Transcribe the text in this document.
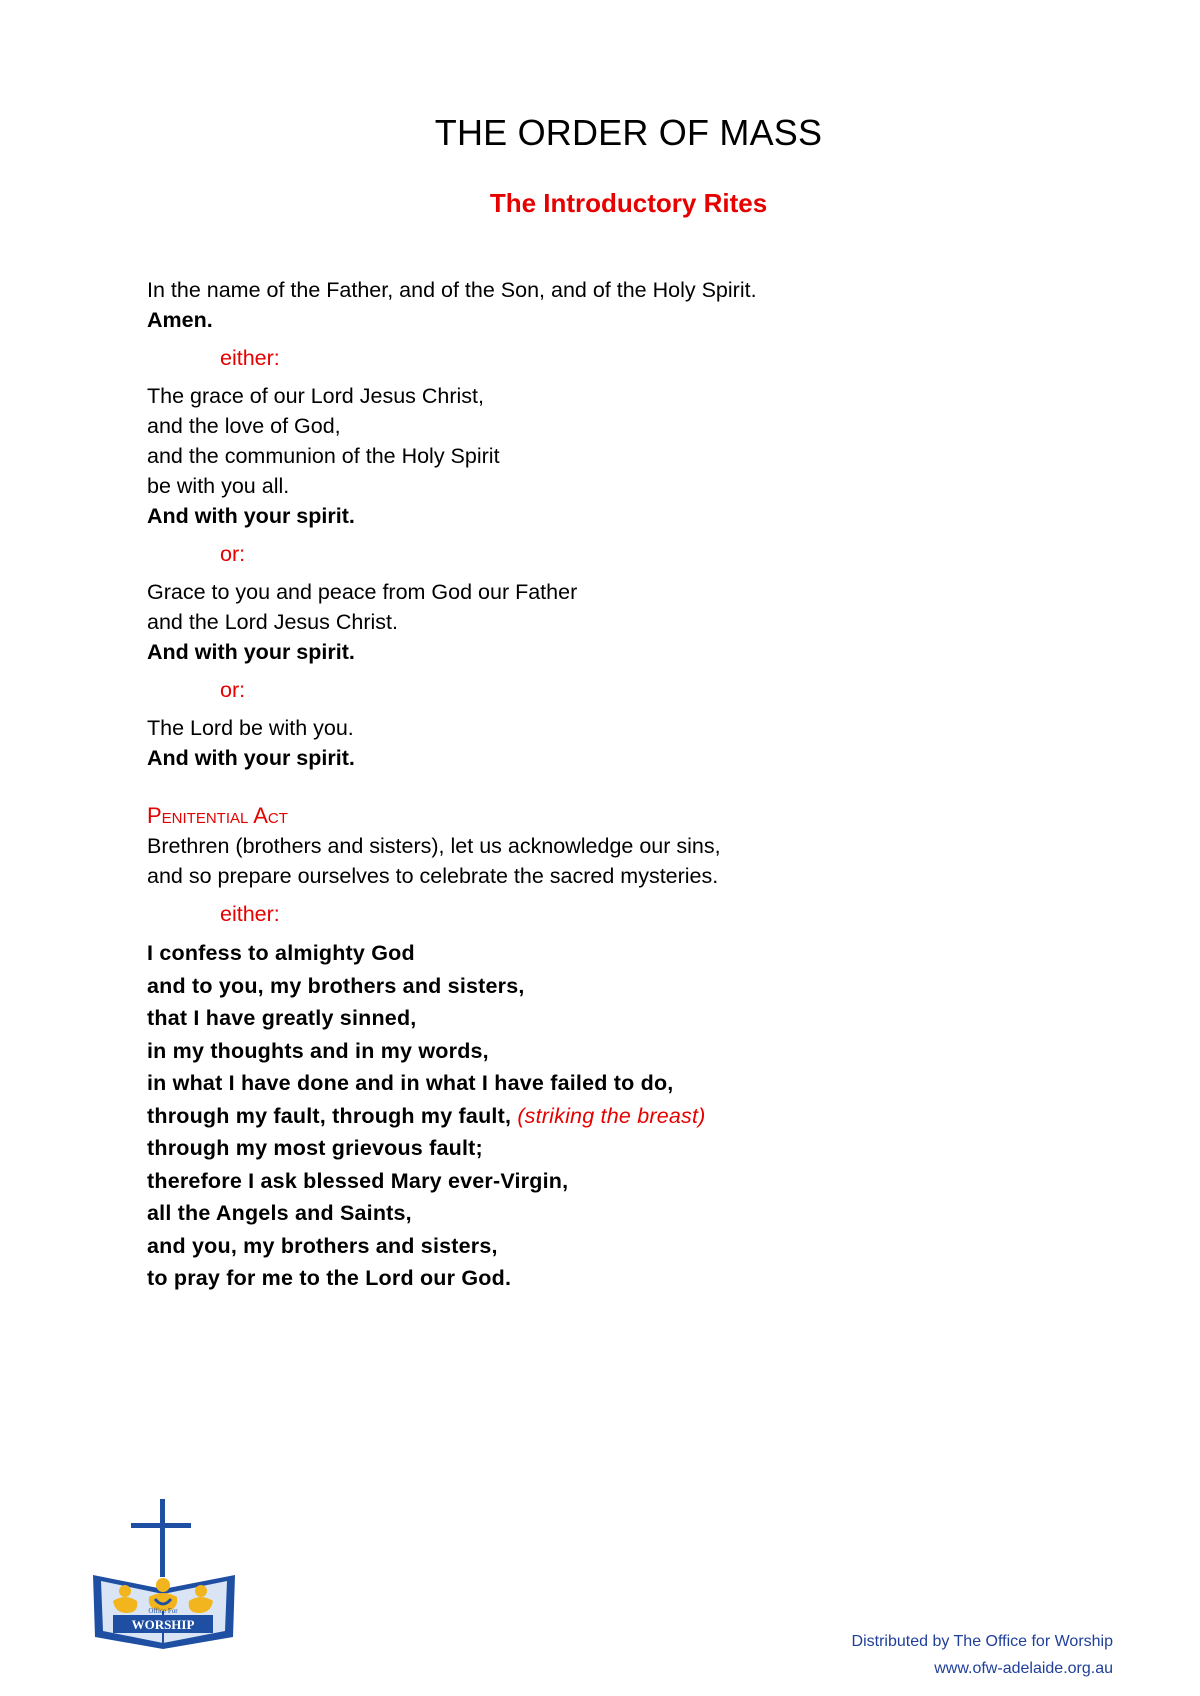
THE ORDER OF MASS
The Introductory Rites
In the name of the Father, and of the Son, and of the Holy Spirit.
Amen.
either:
The grace of our Lord Jesus Christ,
and the love of God,
and the communion of the Holy Spirit
be with you all.
And with your spirit.
or:
Grace to you and peace from God our Father
and the Lord Jesus Christ.
And with your spirit.
or:
The Lord be with you.
And with your spirit.
Penitential Act
Brethren (brothers and sisters), let us acknowledge our sins,
and so prepare ourselves to celebrate the sacred mysteries.
either:
I confess to almighty God
and to you, my brothers and sisters,
that I have greatly sinned,
in my thoughts and in my words,
in what I have done and in what I have failed to do,
through my fault, through my fault, (striking the breast)
through my most grievous fault;
therefore I ask blessed Mary ever-Virgin,
all the Angels and Saints,
and you, my brothers and sisters,
to pray for me to the Lord our God.
Office For
WORSHIP
Distributed by The Office for Worship
www.ofw-adelaide.org.au
